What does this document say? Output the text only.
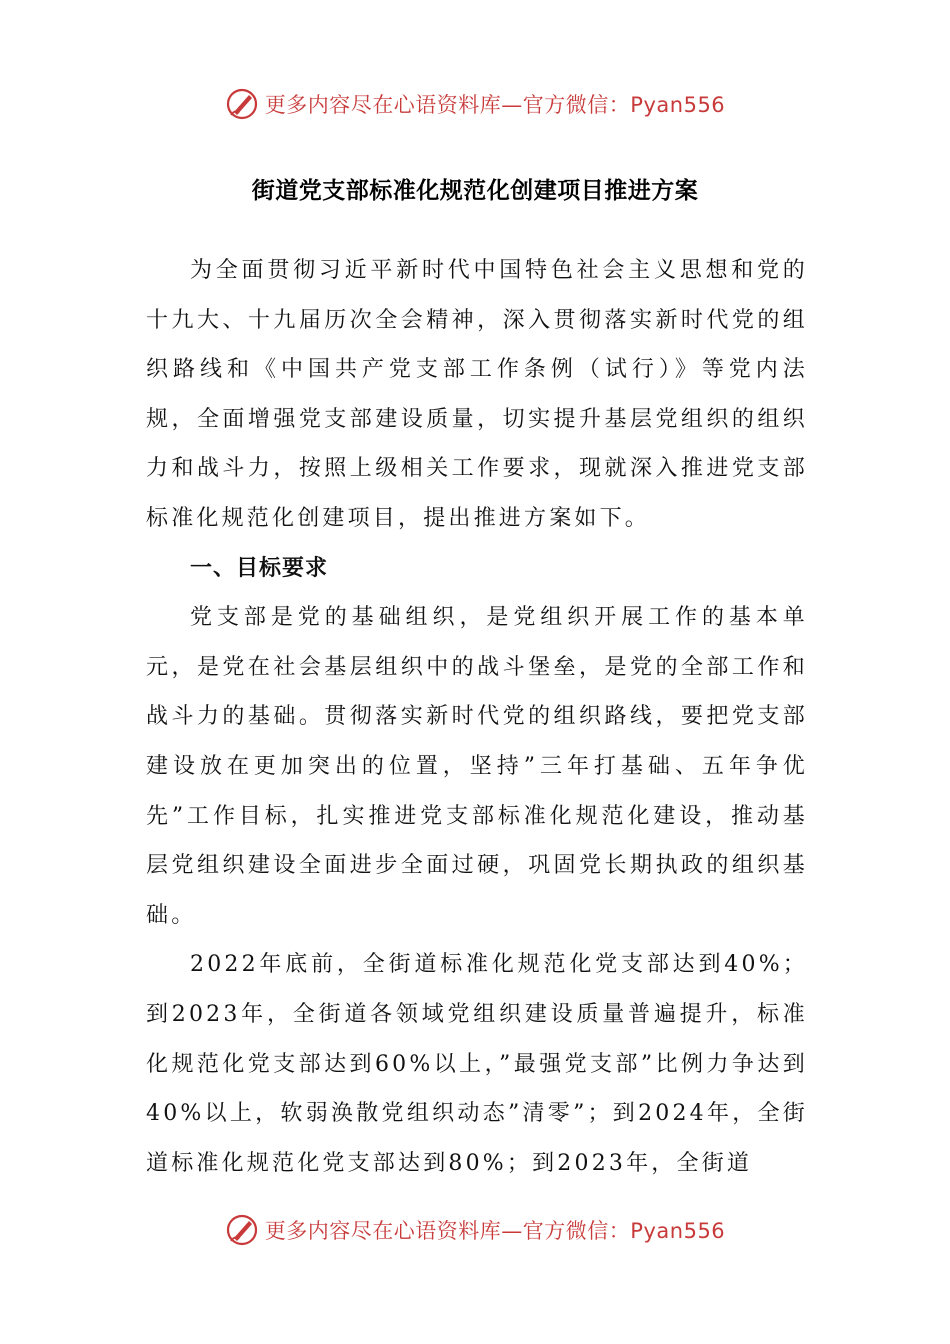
更多内容尽在心语资料库—官方微信：Pyan556
街道党支部标准化规范化创建项目推进方案

为全面贯彻习近平新时代中国特色社会主义思想和党的十九大、十九届历次全会精神，深入贯彻落实新时代党的组织路线和《中国共产党支部工作条例（试行）》等党内法规，全面增强党支部建设质量，切实提升基层党组织的组织力和战斗力，按照上级相关工作要求，现就深入推进党支部标准化规范化创建项目，提出推进方案如下。

一、目标要求

党支部是党的基础组织，是党组织开展工作的基本单元，是党在社会基层组织中的战斗堡垒，是党的全部工作和战斗力的基础。贯彻落实新时代党的组织路线，要把党支部建设放在更加突出的位置，坚持”三年打基础、五年争优先”工作目标，扎实推进党支部标准化规范化建设，推动基层党组织建设全面进步全面过硬，巩固党长期执政的组织基础。

2022年底前，全街道标准化规范化党支部达到40%；到2023年，全街道各领域党组织建设质量普遍提升，标准化规范化党支部达到60%以上，”最强党支部”比例力争达到40%以上，软弱涣散党组织动态”清零”；到2024年，全街道标准化规范化党支部达到80%；到2023年，全街道

更多内容尽在心语资料库—官方微信：Pyan556
